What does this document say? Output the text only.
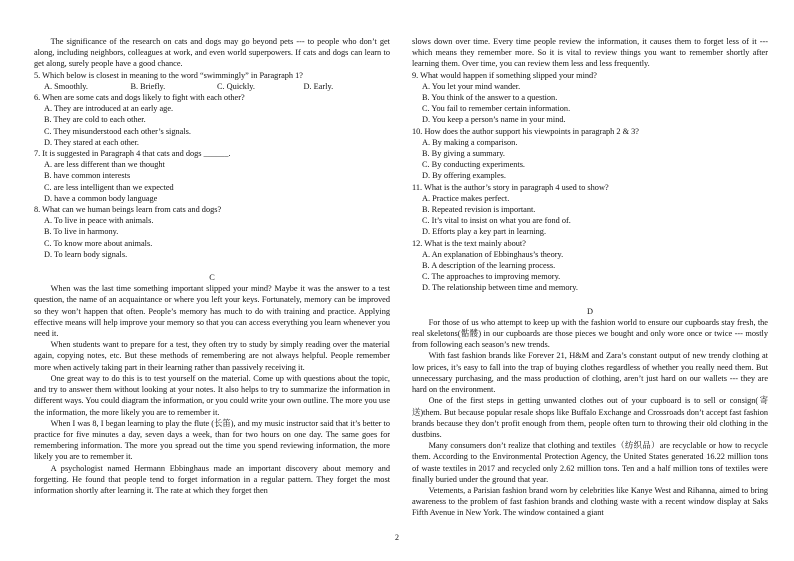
The significance of the research on cats and dogs may go beyond pets --- to people who don’t get along, including neighbors, colleagues at work, and even world superpowers. If cats and dogs can learn to get along, surely people have a good chance.

5. Which below is closest in meaning to the word “swimmingly” in Paragraph 1?

A. Smoothly.	B. Briefly.	C. Quickly.	D. Early.

6. When are some cats and dogs likely to fight with each other?

A. They are introduced at an early age.

B. They are cold to each other.

C. They misunderstood each other’s signals.

D. They stared at each other.

7. It is suggested in Paragraph 4 that cats and dogs ______.

A. are less different than we thought

B. have common interests

C. are less intelligent than we expected

D. have a common body language

8. What can we human beings learn from cats and dogs?

A. To live in peace with animals.

B. To live in harmony.

C. To know more about animals.

D. To learn body signals.

C

When was the last time something important slipped your mind? Maybe it was the answer to a test question, the name of an acquaintance or where you left your keys. Fortunately, memory can be improved so they won’t happen that often. People’s memory has much to do with training and practice. Applying effective means will help improve your memory so that you can access everything you learn whenever you need it.

When students want to prepare for a test, they often try to study by simply reading over the material again, copying notes, etc. But these methods of remembering are not always helpful. People remember more when actively taking part in their learning rather than passively receiving it.

One great way to do this is to test yourself on the material. Come up with questions about the topic, and try to answer them without looking at your notes. It also helps to try to summarize the information in different ways. You could diagram the information, or you could write your own outline. The more you use the information, the more likely you are to remember it.

When I was 8, I began learning to play the flute (长笛), and my music instructor said that it’s better to practice for five minutes a day, seven days a week, than for two hours on one day. The same goes for remembering information. The more you spread out the time you spend reviewing information, the more likely you are to remember it.

A psychologist named Hermann Ebbinghaus made an important discovery about memory and forgetting. He found that people tend to forget information in a regular pattern. They forget the most information shortly after learning it. The rate at which they forget then

slows down over time. Every time people review the information, it causes them to forget less of it --- which means they remember more. So it is vital to review things you want to remember shortly after learning them. Over time, you can review them less and less frequently.

9. What would happen if something slipped your mind?

A. You let your mind wander.

B. You think of the answer to a question.

C. You fail to remember certain information.

D. You keep a person’s name in your mind.

10. How does the author support his viewpoints in paragraph 2 & 3?

A. By making a comparison.

B. By giving a summary.

C. By conducting experiments.

D. By offering examples.

11. What is the author’s story in paragraph 4 used to show?

A. Practice makes perfect.

B. Repeated revision is important.

C. It’s vital to insist on what you are fond of.

D. Efforts play a key part in learning.

12. What is the text mainly about?

A. An explanation of Ebbinghaus’s theory.

B. A description of the learning process.

C. The approaches to improving memory.

D. The relationship between time and memory.

D

For those of us who attempt to keep up with the fashion world to ensure our cupboards stay fresh, the real skeletons(骷髅) in our cupboards are those pieces we bought and only wore once or twice --- mostly from following each season’s new trends.

With fast fashion brands like Forever 21, H&M and Zara’s constant output of new trendy clothing at low prices, it’s easy to fall into the trap of buying clothes regardless of whether you really need them. But unnecessary purchasing, and the mass production of clothing, aren’t just hard on our wallets --- they are hard on the environment.

One of the first steps in getting unwanted clothes out of your cupboard is to sell or consign(寄送)them. But because popular resale shops like Buffalo Exchange and Crossroads don’t accept fast fashion brands because they don’t profit enough from them, people often turn to throwing their old clothing in the dustbins.

Many consumers don’t realize that clothing and textiles（纺织品）are recyclable or how to recycle them. According to the Environmental Protection Agency, the United States generated 16.22 million tons of waste textiles in 2017 and recycled only 2.62 million tons. Ten and a half million tons of textiles were finally buried under the ground that year.

Vetements, a Parisian fashion brand worn by celebrities like Kanye West and Rihanna, aimed to bring awareness to the problem of fast fashion brands and clothing waste with a recent window display at Saks Fifth Avenue in New York. The window contained a giant

2
